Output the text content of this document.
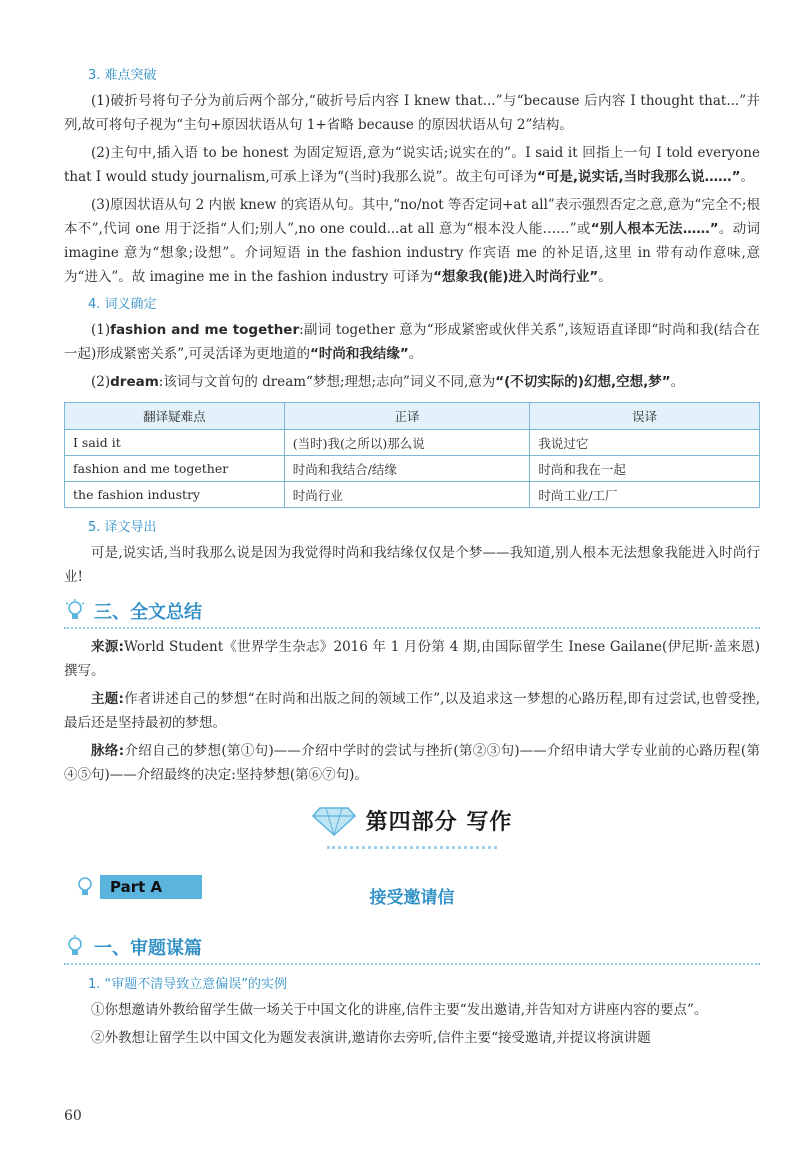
3. 难点突破

(1)破折号将句子分为前后两个部分,“破折号后内容 I knew that...”与“because 后内容 I thought that...”并列,故可将句子视为“主句+原因状语从句 1+省略 because 的原因状语从句 2”结构。

(2)主句中,插入语 to be honest 为固定短语,意为“说实话;说实在的”。I said it 回指上一句 I told everyone that I would study journalism,可承上译为“(当时)我那么说”。故主句可译为“可是,说实话,当时我那么说……”。

(3)原因状语从句 2 内嵌 knew 的宾语从句。其中,“no/not 等否定词+at all”表示强烈否定之意,意为“完全不;根本不”,代词 one 用于泛指“人们;别人”,no one could...at all 意为“根本没人能……”或“别人根本无法……”。动词 imagine 意为“想象;设想”。介词短语 in the fashion industry 作宾语 me 的补足语,这里 in 带有动作意味,意为“进入”。故 imagine me in the fashion industry 可译为“想象我(能)进入时尚行业”。

4. 词义确定

(1)fashion and me together:副词 together 意为“形成紧密或伙伴关系”,该短语直译即“时尚和我(结合在一起)形成紧密关系”,可灵活译为更地道的“时尚和我结缘”。

(2)dream:该词与文首句的 dream“梦想;理想;志向”词义不同,意为“(不切实际的)幻想,空想,梦”。

翻译疑难点	正译	误译
I said it	(当时)我(之所以)那么说	我说过它
fashion and me together	时尚和我结合/结缘	时尚和我在一起
the fashion industry	时尚行业	时尚工业/工厂
5. 译文导出

可是,说实话,当时我那么说是因为我觉得时尚和我结缘仅仅是个梦——我知道,别人根本无法想象我能进入时尚行业!

三、全文总结

来源:World Student《世界学生杂志》2016 年 1 月份第 4 期,由国际留学生 Inese Gailane(伊尼斯·盖来恩)撰写。

主题:作者讲述自己的梦想“在时尚和出版之间的领域工作”,以及追求这一梦想的心路历程,即有过尝试,也曾受挫,最后还是坚持最初的梦想。

脉络:介绍自己的梦想(第①句)——介绍中学时的尝试与挫折(第②③句)——介绍申请大学专业前的心路历程(第④⑤句)——介绍最终的决定:坚持梦想(第⑥⑦句)。

第四部分 写作
Part A
接受邀请信
一、审题谋篇
1. “审题不清导致立意偏误”的实例

①你想邀请外教给留学生做一场关于中国文化的讲座,信件主要“发出邀请,并告知对方讲座内容的要点”。

②外教想让留学生以中国文化为题发表演讲,邀请你去旁听,信件主要“接受邀请,并提议将演讲题

60
